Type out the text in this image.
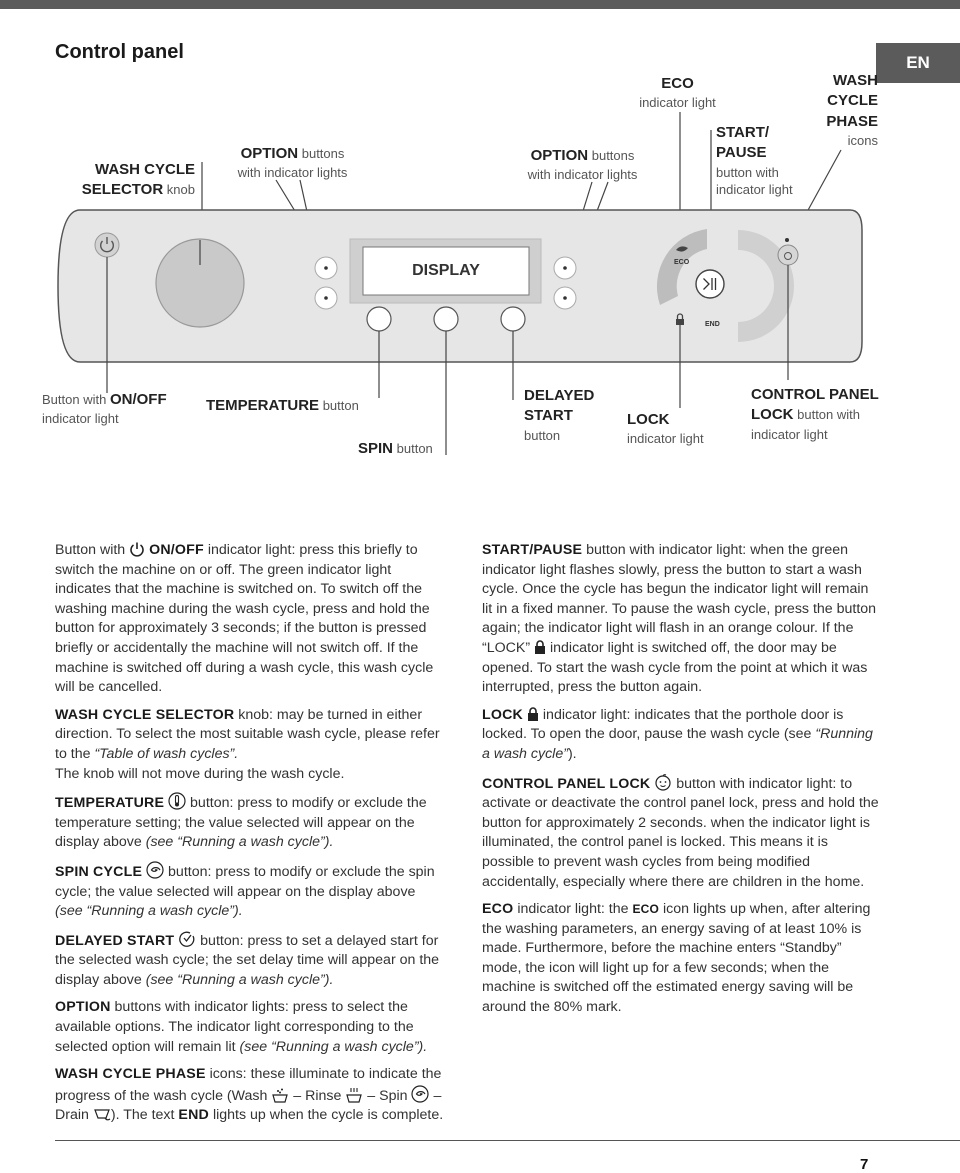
EN
Control panel
WASH CYCLE
SELECTOR knob
OPTION buttons
with indicator lights
OPTION buttons
with indicator lights
ECO
indicator light
START/
PAUSE
button with
indicator light
WASH
CYCLE
PHASE
icons
ECO
END
DISPLAY
Button with ON/OFF
indicator light
TEMPERATURE button
SPIN button
DELAYED
START
button
LOCK
indicator light
CONTROL PANEL
LOCK button with
indicator light

Button with ON/OFF indicator light: press this briefly to switch the machine on or off. The green indicator light indicates that the machine is switched on. To switch off the washing machine during the wash cycle, press and hold the button for approximately 3 seconds; if the button is pressed briefly or accidentally the machine will not switch off. If the machine is switched off during a wash cycle, this wash cycle will be cancelled.

WASH CYCLE SELECTOR knob: may be turned in either direction. To select the most suitable wash cycle, please refer to the “Table of wash cycles”.
The knob will not move during the wash cycle.

TEMPERATURE button: press to modify or exclude the temperature setting; the value selected will appear on the display above (see “Running a wash cycle”).

SPIN CYCLE button: press to modify or exclude the spin cycle; the value selected will appear on the display above (see “Running a wash cycle”).

DELAYED START button: press to set a delayed start for the selected wash cycle; the set delay time will appear on the display above (see “Running a wash cycle”).

OPTION buttons with indicator lights: press to select the available options. The indicator light corresponding to the selected option will remain lit (see “Running a wash cycle”).

WASH CYCLE PHASE icons: these illuminate to indicate the progress of the wash cycle (Wash – Rinse – Spin – Drain ). The text END lights up when the cycle is complete.

START/PAUSE button with indicator light: when the green indicator light flashes slowly, press the button to start a wash cycle. Once the cycle has begun the indicator light will remain lit in a fixed manner. To pause the wash cycle, press the button again; the indicator light will flash in an orange colour. If the “LOCK” indicator light is switched off, the door may be opened. To start the wash cycle from the point at which it was interrupted, press the button again.

LOCK indicator light: indicates that the porthole door is locked. To open the door, pause the wash cycle (see “Running a wash cycle”).

CONTROL PANEL LOCK button with indicator light: to activate or deactivate the control panel lock, press and hold the button for approximately 2 seconds. when the indicator light is illuminated, the control panel is locked. This means it is possible to prevent wash cycles from being modified accidentally, especially where there are children in the home.

ECO indicator light: the ECO icon lights up when, after altering the washing parameters, an energy saving of at least 10% is made. Furthermore, before the machine enters “Standby” mode, the icon will light up for a few seconds; when the machine is switched off the estimated energy saving will be around the 80% mark.

7
